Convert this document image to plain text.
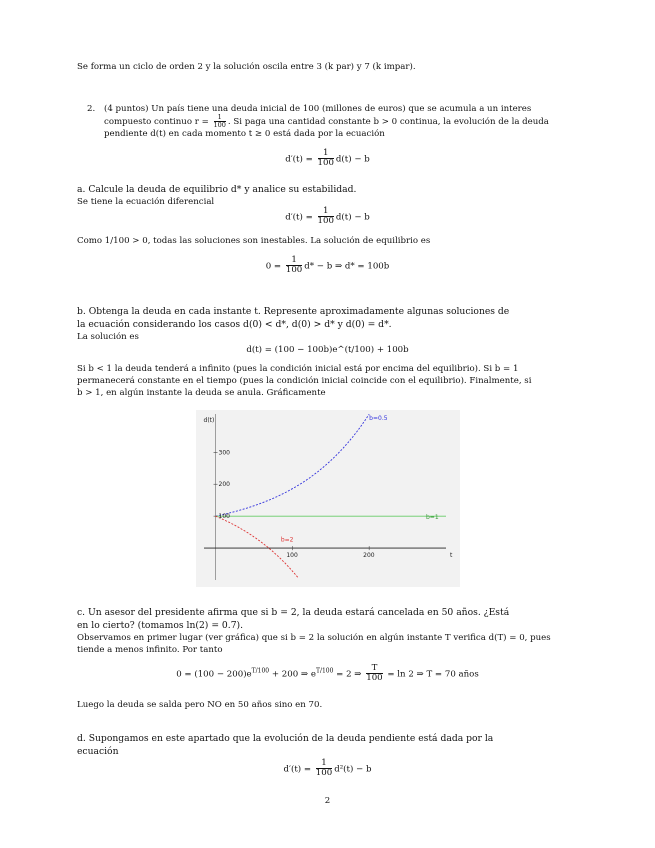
Se forma un ciclo de orden 2 y la solución oscila entre 3 (k par) y 7 (k impar).
2. (4 puntos) Un país tiene una deuda inicial de 100 (millones de euros) que se acumula a un interes
compuesto continuo $r = \frac{1}{100}$ . Si paga una cantidad constante b > 0 continua, la evolución de la deuda
pendiente d(t) en cada momento t ≥ 0 está dada por la ecuación
$d'(t) = \frac{1}{100} d(t) - b$
a. Calcule la deuda de equilibrio d* y analice su estabilidad.
Se tiene la ecuación diferencial
$d'(t) = \frac{1}{100} d(t) - b$
Como 1/100 > 0, todas las soluciones son inestables. La solución de equilibrio es
$0 = \frac{1}{100} d* - b$ ⇒ d* = 100b
b. Obtenga la deuda en cada instante t. Represente aproximadamente algunas soluciones de
la ecuación considerando los casos d(0) < d*, d(0) > d* y d(0) = d*.
La solución es
d(t) = (100 − 100b)e^(t/100) + 100b
Si b < 1 la deuda tenderá a infinito (pues la condición inicial está por encima del equilibrio). Si b = 1
permanecerá constante en el tiempo (pues la condición inicial coincide con el equilibrio). Finalmente, si
b > 1, en algún instante la deuda se anula. Gráficamente
300
200
100
100	200
d(t)
t
b=0.5
b=1
b=2
c. Un asesor del presidente afirma que si b = 2, la deuda estará cancelada en 50 años. ¿Está
en lo cierto? (tomamos ln(2) = 0.7).
Observamos en primer lugar (ver gráfica) que si b = 2 la solución en algún instante T verifica d(T) = 0, pues
tiende a menos infinito. Por tanto
$0 = (100 - 200)e^{T/100} + 200$ ⇒ $e^{T/100} = 2$ ⇒ $\frac{T}{100} = \ln 2$ ⇒ T = 70 años
Luego la deuda se salda pero NO en 50 años sino en 70.
d. Supongamos en este apartado que la evolución de la deuda pendiente está dada por la
ecuación
$d'(t) = \frac{1}{100} d^2(t) - b$
2
